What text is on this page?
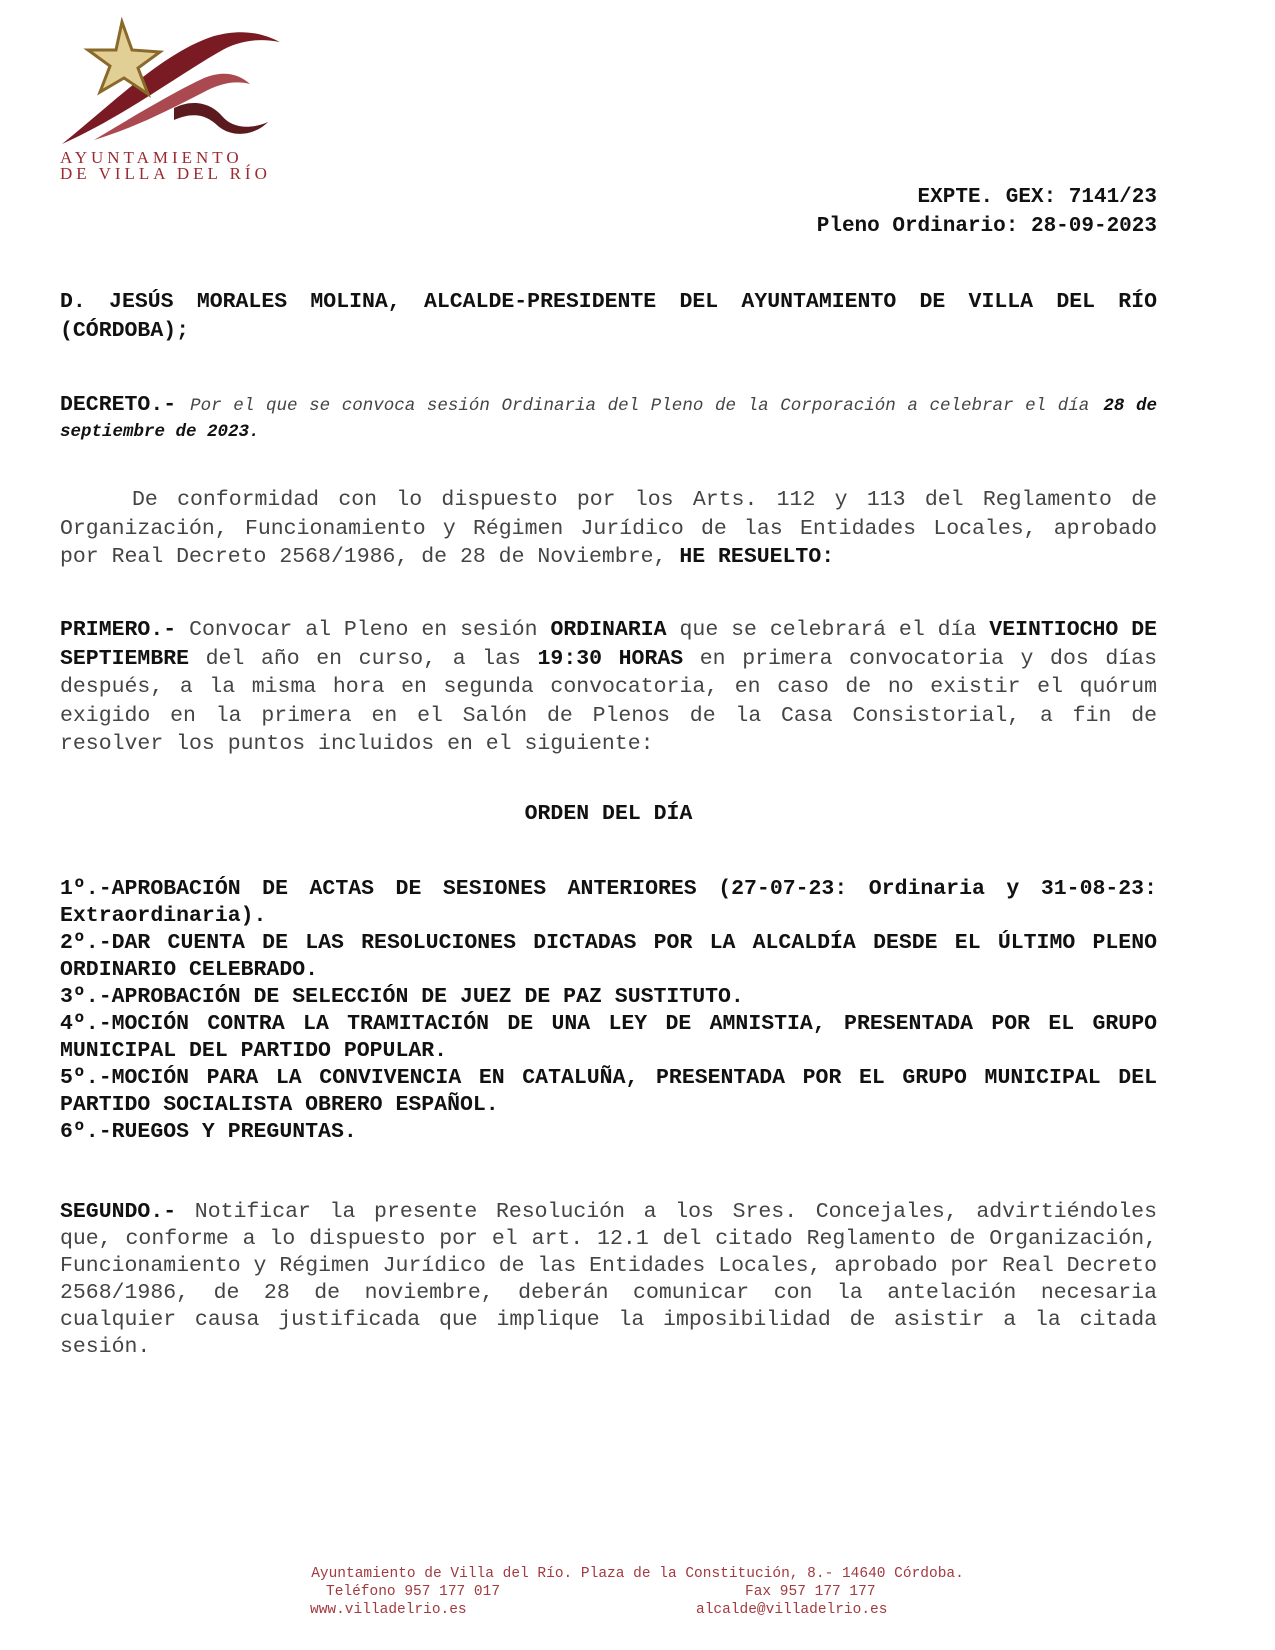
AYUNTAMIENTO
DE VILLA DEL RÍO
EXPTE. GEX: 7141/23
Pleno Ordinario: 28-09-2023
D. JESÚS MORALES MOLINA, ALCALDE-PRESIDENTE DEL AYUNTAMIENTO DE VILLA DEL RÍO (CÓRDOBA);
DECRETO.- Por el que se convoca sesión Ordinaria del Pleno de la Corporación a celebrar el día 28 de septiembre de 2023.
De conformidad con lo dispuesto por los Arts. 112 y 113 del Reglamento de Organización, Funcionamiento y Régimen Jurídico de las Entidades Locales, aprobado por Real Decreto 2568/1986, de 28 de Noviembre, HE RESUELTO:
PRIMERO.- Convocar al Pleno en sesión ORDINARIA que se celebrará el día VEINTIOCHO DE SEPTIEMBRE del año en curso, a las 19:30 HORAS en primera convocatoria y dos días después, a la misma hora en segunda convocatoria, en caso de no existir el quórum exigido en la primera en el Salón de Plenos de la Casa Consistorial, a fin de resolver los puntos incluidos en el siguiente:
ORDEN DEL DÍA
1º.-APROBACIÓN DE ACTAS DE SESIONES ANTERIORES (27-07-23: Ordinaria y 31-08-23: Extraordinaria).
2º.-DAR CUENTA DE LAS RESOLUCIONES DICTADAS POR LA ALCALDÍA DESDE EL ÚLTIMO PLENO ORDINARIO CELEBRADO.
3º.-APROBACIÓN DE SELECCIÓN DE JUEZ DE PAZ SUSTITUTO.
4º.-MOCIÓN CONTRA LA TRAMITACIÓN DE UNA LEY DE AMNISTIA, PRESENTADA POR EL GRUPO MUNICIPAL DEL PARTIDO POPULAR.
5º.-MOCIÓN PARA LA CONVIVENCIA EN CATALUÑA, PRESENTADA POR EL GRUPO MUNICIPAL DEL PARTIDO SOCIALISTA OBRERO ESPAÑOL.
6º.-RUEGOS Y PREGUNTAS.
SEGUNDO.- Notificar la presente Resolución a los Sres. Concejales, advirtiéndoles que, conforme a lo dispuesto por el art. 12.1 del citado Reglamento de Organización, Funcionamiento y Régimen Jurídico de las Entidades Locales, aprobado por Real Decreto 2568/1986, de 28 de noviembre, deberán comunicar con la antelación necesaria cualquier causa justificada que implique la imposibilidad de asistir a la citada sesión.
Ayuntamiento de Villa del Río. Plaza de la Constitución, 8.- 14640 Córdoba.
Teléfono 957 177 017	Fax 957 177 177
www.villadelrio.es	alcalde@villadelrio.es
